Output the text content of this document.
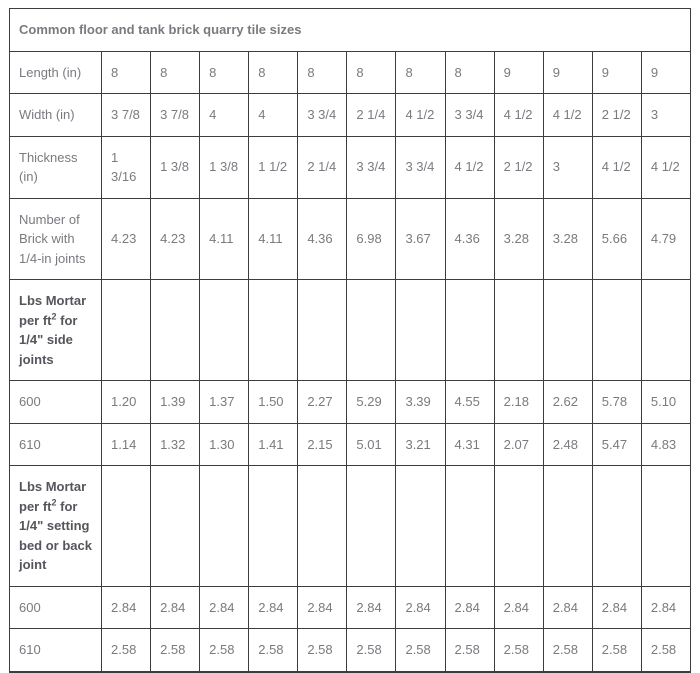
Common floor and tank brick quarry tile sizes												
Length (in)	8	8	8	8	8	8	8	8	9	9	9	9
Width (in)	3 7/8	3 7/8	4	4	3 3/4	2 1/4	4 1/2	3 3/4	4 1/2	4 1/2	2 1/2	3
Thickness (in)	1 3/16	1 3/8	1 3/8	1 1/2	2 1/4	3 3/4	3 3/4	4 1/2	2 1/2	3	4 1/2	4 1/2
Number of Brick with 1/4-in joints	4.23	4.23	4.11	4.11	4.36	6.98	3.67	4.36	3.28	3.28	5.66	4.79
Lbs Mortar per $ft^2$ for 1/4" side joints												
600	1.20	1.39	1.37	1.50	2.27	5.29	3.39	4.55	2.18	2.62	5.78	5.10
610	1.14	1.32	1.30	1.41	2.15	5.01	3.21	4.31	2.07	2.48	5.47	4.83
Lbs Mortar per $ft^2$ for 1/4" setting bed or back joint												
600	2.84	2.84	2.84	2.84	2.84	2.84	2.84	2.84	2.84	2.84	2.84	2.84
610	2.58	2.58	2.58	2.58	2.58	2.58	2.58	2.58	2.58	2.58	2.58	2.58
